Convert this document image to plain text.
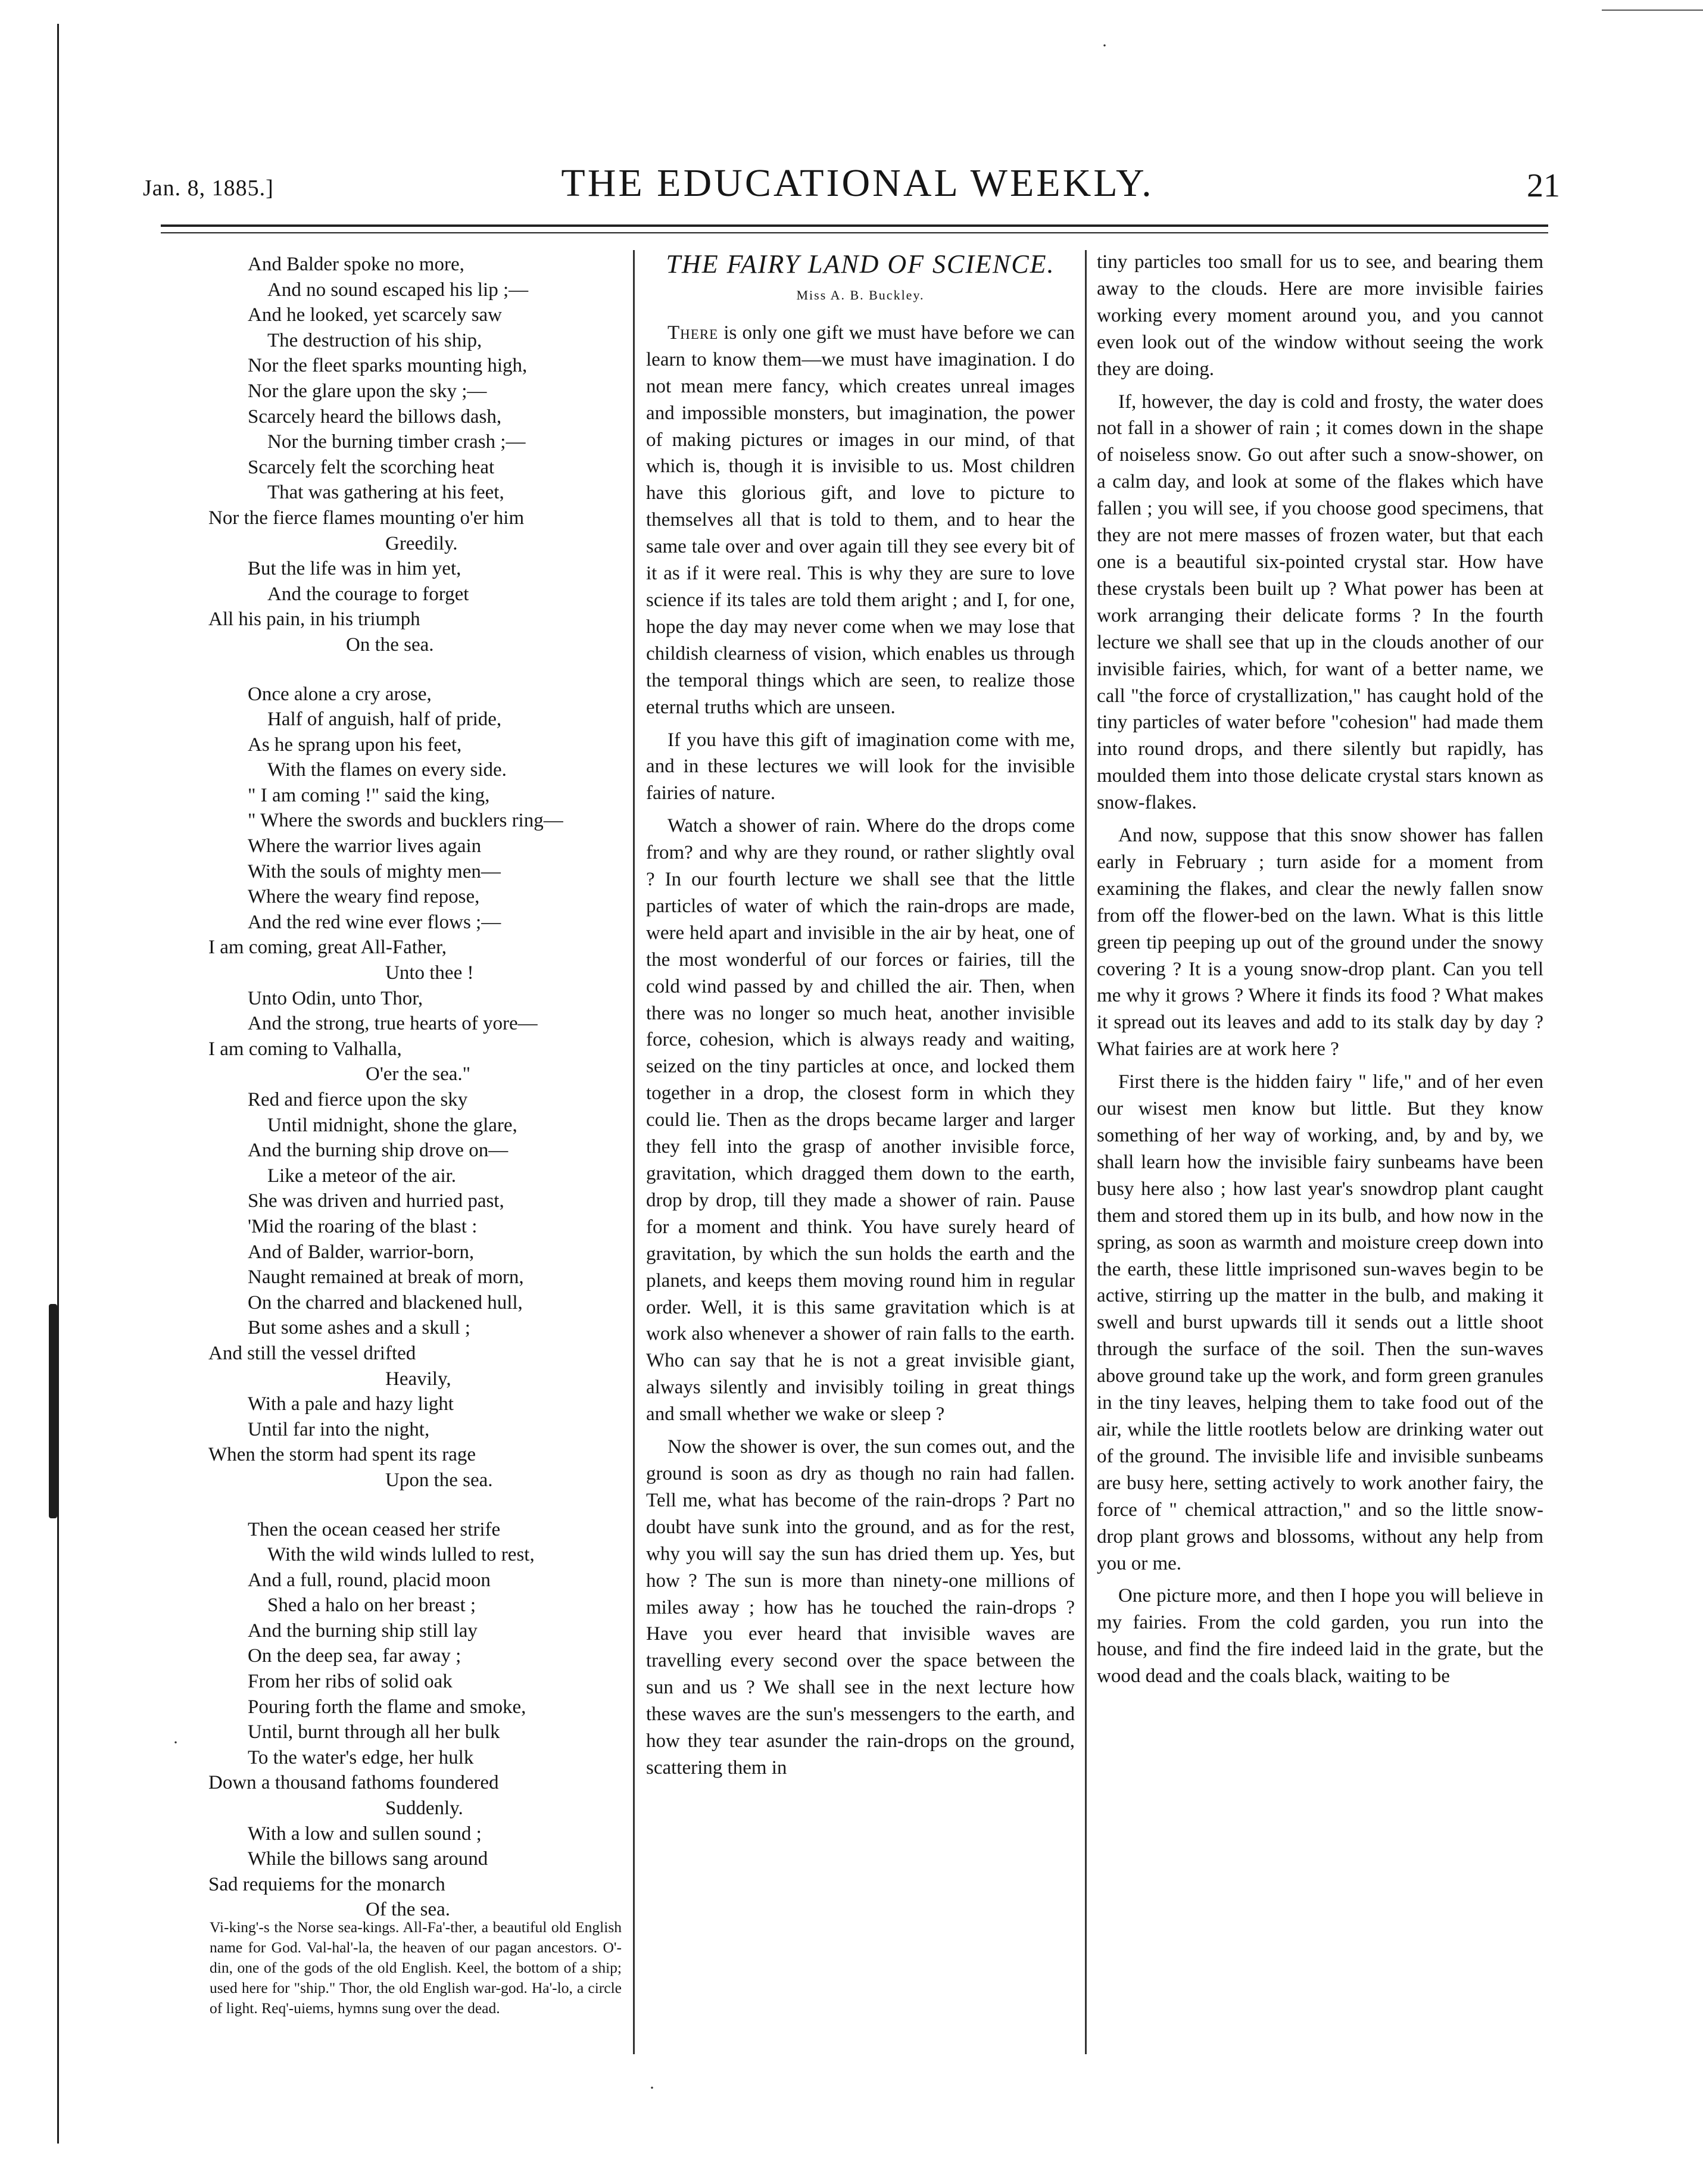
Jan. 8, 1885.]	THE EDUCATIONAL WEEKLY.	21
And Balder spoke no more,
And no sound escaped his lip ;—
And he looked, yet scarcely saw
The destruction of his ship,
Nor the fleet sparks mounting high,
Nor the glare upon the sky ;—
Scarcely heard the billows dash,
Nor the burning timber crash ;—
Scarcely felt the scorching heat
That was gathering at his feet,
Nor the fierce flames mounting o'er him
Greedily.
But the life was in him yet,
And the courage to forget
All his pain, in his triumph
On the sea.
Once alone a cry arose,
Half of anguish, half of pride,
As he sprang upon his feet,
With the flames on every side.
" I am coming !" said the king,
" Where the swords and bucklers ring—
Where the warrior lives again
With the souls of mighty men—
Where the weary find repose,
And the red wine ever flows ;—
I am coming, great All-Father,
Unto thee !
Unto Odin, unto Thor,
And the strong, true hearts of yore—
I am coming to Valhalla,
O'er the sea."
Red and fierce upon the sky
Until midnight, shone the glare,
And the burning ship drove on—
Like a meteor of the air.
She was driven and hurried past,
'Mid the roaring of the blast :
And of Balder, warrior-born,
Naught remained at break of morn,
On the charred and blackened hull,
But some ashes and a skull ;
And still the vessel drifted
Heavily,
With a pale and hazy light
Until far into the night,
When the storm had spent its rage
Upon the sea.
Then the ocean ceased her strife
With the wild winds lulled to rest,
And a full, round, placid moon
Shed a halo on her breast ;
And the burning ship still lay
On the deep sea, far away ;
From her ribs of solid oak
Pouring forth the flame and smoke,
Until, burnt through all her bulk
To the water's edge, her hulk
Down a thousand fathoms foundered
Suddenly.
With a low and sullen sound ;
While the billows sang around
Sad requiems for the monarch
Of the sea.
Vi-king'-s the Norse sea-kings. All-Fa'-ther, a beautiful old English name for God. Val-hal'-la, the heaven of our pagan ancestors. O'-din, one of the gods of the old English. Keel, the bottom of a ship; used here for "ship." Thor, the old English war-god. Ha'-lo, a circle of light. Req'-uiems, hymns sung over the dead.
THE FAIRY LAND OF SCIENCE.
Miss A. B. Buckley.

There is only one gift we must have before we can learn to know them—we must have imagination. I do not mean mere fancy, which creates unreal images and impossible monsters, but imagination, the power of making pictures or images in our mind, of that which is, though it is invisible to us. Most children have this glorious gift, and love to picture to themselves all that is told to them, and to hear the same tale over and over again till they see every bit of it as if it were real. This is why they are sure to love science if its tales are told them aright ; and I, for one, hope the day may never come when we may lose that childish clearness of vision, which enables us through the temporal things which are seen, to realize those eternal truths which are unseen.

If you have this gift of imagination come with me, and in these lectures we will look for the invisible fairies of nature.

Watch a shower of rain. Where do the drops come from? and why are they round, or rather slightly oval ? In our fourth lecture we shall see that the little particles of water of which the rain-drops are made, were held apart and invisible in the air by heat, one of the most wonderful of our forces or fairies, till the cold wind passed by and chilled the air. Then, when there was no longer so much heat, another invisible force, cohesion, which is always ready and waiting, seized on the tiny particles at once, and locked them together in a drop, the closest form in which they could lie. Then as the drops became larger and larger they fell into the grasp of another invisible force, gravitation, which dragged them down to the earth, drop by drop, till they made a shower of rain. Pause for a moment and think. You have surely heard of gravitation, by which the sun holds the earth and the planets, and keeps them moving round him in regular order. Well, it is this same gravitation which is at work also whenever a shower of rain falls to the earth. Who can say that he is not a great invisible giant, always silently and invisibly toiling in great things and small whether we wake or sleep ?

Now the shower is over, the sun comes out, and the ground is soon as dry as though no rain had fallen. Tell me, what has become of the rain-drops ? Part no doubt have sunk into the ground, and as for the rest, why you will say the sun has dried them up. Yes, but how ? The sun is more than ninety-one millions of miles away ; how has he touched the rain-drops ? Have you ever heard that invisible waves are travelling every second over the space between the sun and us ? We shall see in the next lecture how these waves are the sun's messengers to the earth, and how they tear asunder the rain-drops on the ground, scattering them in

tiny particles too small for us to see, and bearing them away to the clouds. Here are more invisible fairies working every moment around you, and you cannot even look out of the window without seeing the work they are doing.

If, however, the day is cold and frosty, the water does not fall in a shower of rain ; it comes down in the shape of noiseless snow. Go out after such a snow-shower, on a calm day, and look at some of the flakes which have fallen ; you will see, if you choose good specimens, that they are not mere masses of frozen water, but that each one is a beautiful six-pointed crystal star. How have these crystals been built up ? What power has been at work arranging their delicate forms ? In the fourth lecture we shall see that up in the clouds another of our invisible fairies, which, for want of a better name, we call "the force of crystallization," has caught hold of the tiny particles of water before "cohesion" had made them into round drops, and there silently but rapidly, has moulded them into those delicate crystal stars known as snow-flakes.

And now, suppose that this snow shower has fallen early in February ; turn aside for a moment from examining the flakes, and clear the newly fallen snow from off the flower-bed on the lawn. What is this little green tip peeping up out of the ground under the snowy covering ? It is a young snow-drop plant. Can you tell me why it grows ? Where it finds its food ? What makes it spread out its leaves and add to its stalk day by day ? What fairies are at work here ?

First there is the hidden fairy " life," and of her even our wisest men know but little. But they know something of her way of working, and, by and by, we shall learn how the invisible fairy sunbeams have been busy here also ; how last year's snowdrop plant caught them and stored them up in its bulb, and how now in the spring, as soon as warmth and moisture creep down into the earth, these little imprisoned sun-waves begin to be active, stirring up the matter in the bulb, and making it swell and burst upwards till it sends out a little shoot through the surface of the soil. Then the sun-waves above ground take up the work, and form green granules in the tiny leaves, helping them to take food out of the air, while the little rootlets below are drinking water out of the ground. The invisible life and invisible sunbeams are busy here, setting actively to work another fairy, the force of " chemical attraction," and so the little snow-drop plant grows and blossoms, without any help from you or me.

One picture more, and then I hope you will believe in my fairies. From the cold garden, you run into the house, and find the fire indeed laid in the grate, but the wood dead and the coals black, waiting to be

·
·
·
